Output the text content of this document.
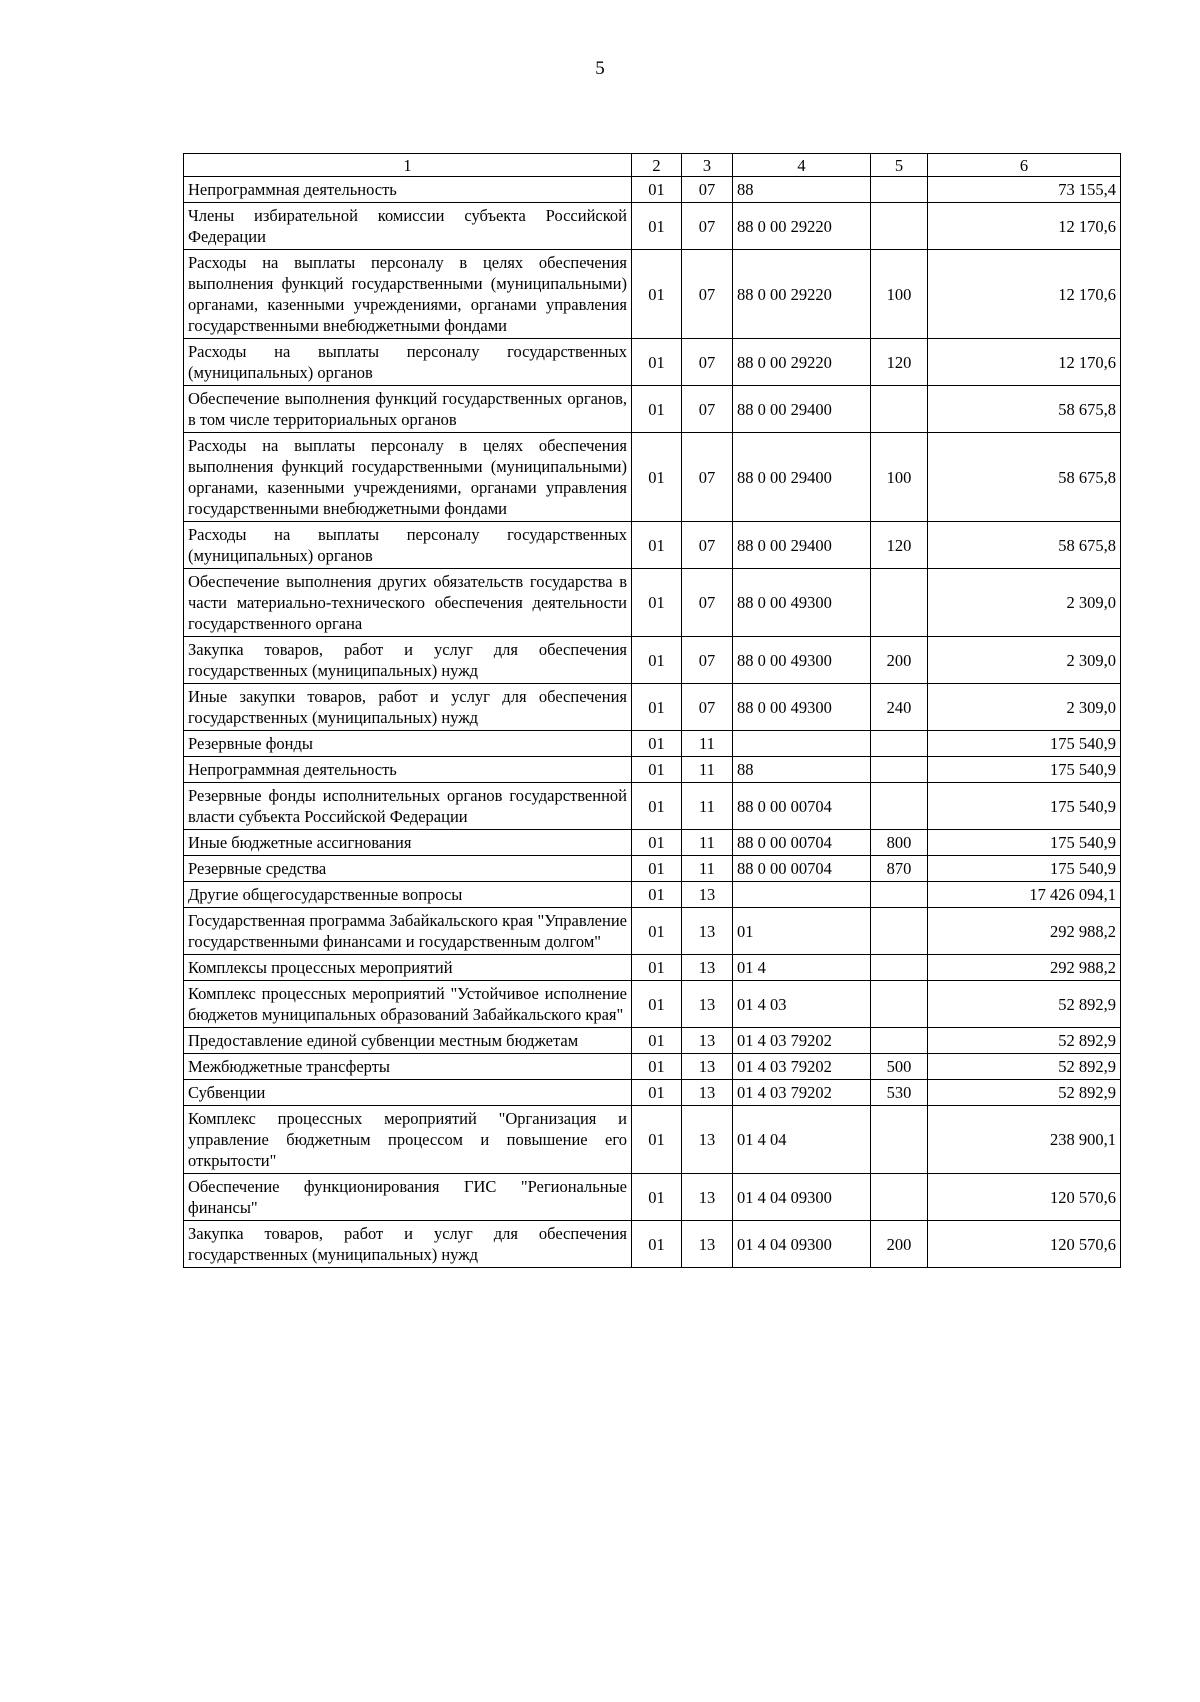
5
1	2	3	4	5	6
Непрограммная деятельность	01	07	88		73 155,4
Члены избирательной комиссии субъекта Российской Федерации	01	07	88 0 00 29220		12 170,6
Расходы на выплаты персоналу в целях обеспечения выполнения функций государственными (муниципальными) органами, казенными учреждениями, органами управления государственными внебюджетными фондами	01	07	88 0 00 29220	100	12 170,6
Расходы на выплаты персоналу государственных (муниципальных) органов	01	07	88 0 00 29220	120	12 170,6
Обеспечение выполнения функций государственных органов, в том числе территориальных органов	01	07	88 0 00 29400		58 675,8
Расходы на выплаты персоналу в целях обеспечения выполнения функций государственными (муниципальными) органами, казенными учреждениями, органами управления государственными внебюджетными фондами	01	07	88 0 00 29400	100	58 675,8
Расходы на выплаты персоналу государственных (муниципальных) органов	01	07	88 0 00 29400	120	58 675,8
Обеспечение выполнения других обязательств государства в части материально-технического обеспечения деятельности государственного органа	01	07	88 0 00 49300		2 309,0
Закупка товаров, работ и услуг для обеспечения государственных (муниципальных) нужд	01	07	88 0 00 49300	200	2 309,0
Иные закупки товаров, работ и услуг для обеспечения государственных (муниципальных) нужд	01	07	88 0 00 49300	240	2 309,0
Резервные фонды	01	11			175 540,9
Непрограммная деятельность	01	11	88		175 540,9
Резервные фонды исполнительных органов государственной власти субъекта Российской Федерации	01	11	88 0 00 00704		175 540,9
Иные бюджетные ассигнования	01	11	88 0 00 00704	800	175 540,9
Резервные средства	01	11	88 0 00 00704	870	175 540,9
Другие общегосударственные вопросы	01	13			17 426 094,1
Государственная программа Забайкальского края "Управление государственными финансами и государственным долгом"	01	13	01		292 988,2
Комплексы процессных мероприятий	01	13	01 4		292 988,2
Комплекс процессных мероприятий "Устойчивое исполнение бюджетов муниципальных образований Забайкальского края"	01	13	01 4 03		52 892,9
Предоставление единой субвенции местным бюджетам	01	13	01 4 03 79202		52 892,9
Межбюджетные трансферты	01	13	01 4 03 79202	500	52 892,9
Субвенции	01	13	01 4 03 79202	530	52 892,9
Комплекс процессных мероприятий "Организация и управление бюджетным процессом и повышение его открытости"	01	13	01 4 04		238 900,1
Обеспечение функционирования ГИС "Региональные финансы"	01	13	01 4 04 09300		120 570,6
Закупка товаров, работ и услуг для обеспечения государственных (муниципальных) нужд	01	13	01 4 04 09300	200	120 570,6
